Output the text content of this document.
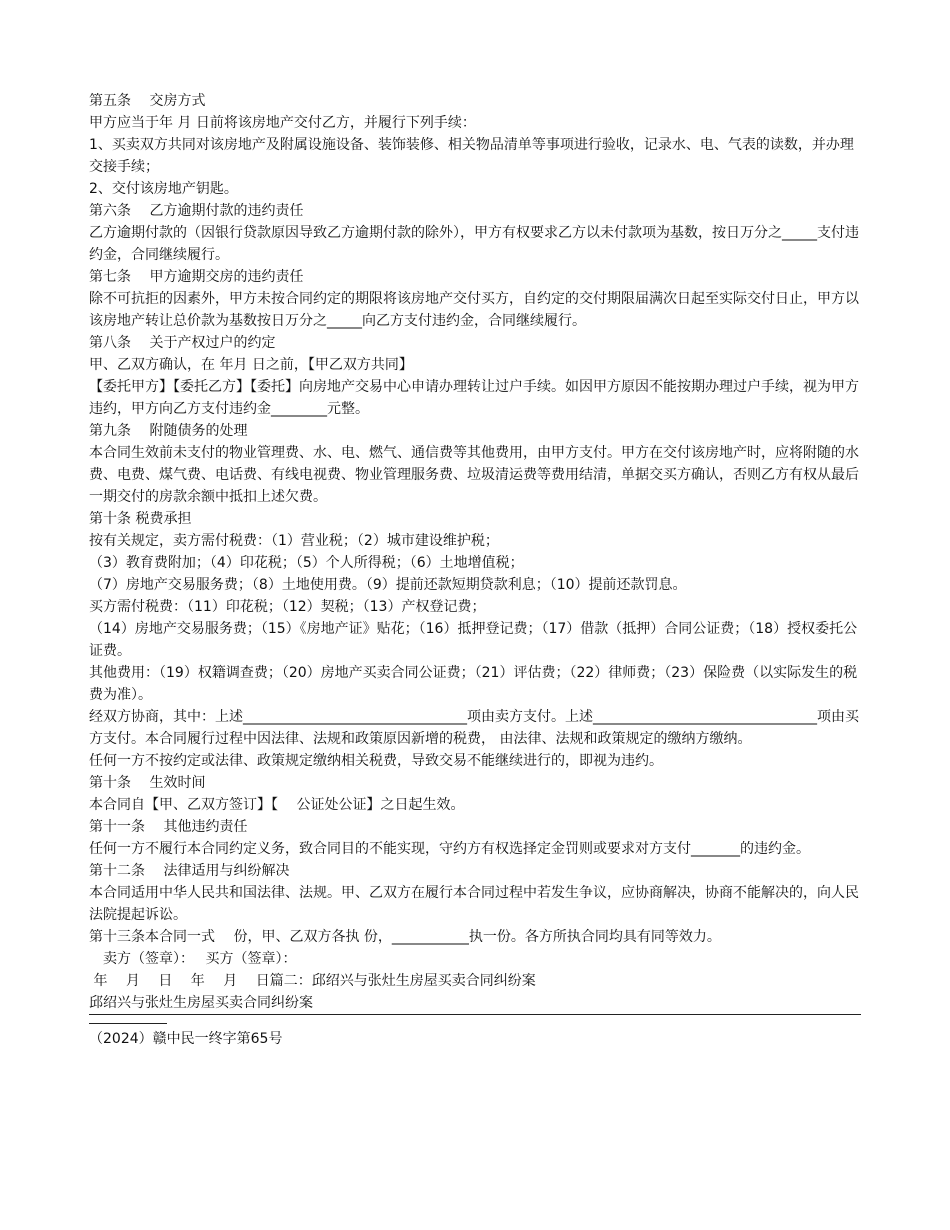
第五条　 交房方式

甲方应当于年 月 日前将该房地产交付乙方，并履行下列手续：

1、买卖双方共同对该房地产及附属设施设备、装饰装修、相关物品清单等事项进行验收，记录水、电、气表的读数，并办理交接手续；

2、交付该房地产钥匙。

第六条　 乙方逾期付款的违约责任

乙方逾期付款的（因银行贷款原因导致乙方逾期付款的除外），甲方有权要求乙方以未付款项为基数，按日万分之_____支付违约金，合同继续履行。

第七条　 甲方逾期交房的违约责任

除不可抗拒的因素外，甲方未按合同约定的期限将该房地产交付买方，自约定的交付期限届满次日起至实际交付日止，甲方以该房地产转让总价款为基数按日万分之_____向乙方支付违约金，合同继续履行。

第八条　 关于产权过户的约定

甲、乙双方确认，在 年月 日之前，【甲乙双方共同】

【委托甲方】【委托乙方】【委托】向房地产交易中心申请办理转让过户手续。如因甲方原因不能按期办理过户手续，视为甲方违约，甲方向乙方支付违约金________元整。

第九条　 附随债务的处理

本合同生效前未支付的物业管理费、水、电、燃气、通信费等其他费用，由甲方支付。甲方在交付该房地产时，应将附随的水费、电费、煤气费、电话费、有线电视费、物业管理服务费、垃圾清运费等费用结清，单据交买方确认，否则乙方有权从最后一期交付的房款余额中抵扣上述欠费。

第十条 税费承担

按有关规定，卖方需付税费：（1）营业税；（2）城市建设维护税；

（3）教育费附加；（4）印花税；（5）个人所得税；（6）土地增值税；

（7）房地产交易服务费；（8）土地使用费。（9）提前还款短期贷款利息；（10）提前还款罚息。

买方需付税费：（11）印花税；（12）契税；（13）产权登记费；

（14）房地产交易服务费；（15）《房地产证》贴花；（16）抵押登记费；（17）借款（抵押）合同公证费；（18）授权委托公证费。

其他费用：（19）权籍调查费；（20）房地产买卖合同公证费；（21）评估费；（22）律师费；（23）保险费（以实际发生的税费为准）。

经双方协商，其中：上述________________________________项由卖方支付。上述________________________________项由买方支付。本合同履行过程中因法律、法规和政策原因新增的税费， 由法律、法规和政策规定的缴纳方缴纳。

任何一方不按约定或法律、政策规定缴纳相关税费，导致交易不能继续进行的，即视为违约。

第十条　 生效时间

本合同自【甲、乙双方签订】【　 公证处公证】之日起生效。

第十一条　 其他违约责任

任何一方不履行本合同约定义务，致合同目的不能实现，守约方有权选择定金罚则或要求对方支付_______的违约金。

第十二条　 法律适用与纠纷解决

本合同适用中华人民共和国法律、法规。甲、乙双方在履行本合同过程中若发生争议，应协商解决，协商不能解决的，向人民法院提起诉讼。

第十三条本合同一式　 份，甲、乙双方各执 份，___________执一份。各方所执合同均具有同等效力。

　卖方（签章）：　 买方（签章）：

年　 月　 日　 年　 月　 日篇二：邱绍兴与张灶生房屋买卖合同纠纷案

邱绍兴与张灶生房屋买卖合同纠纷案

（2024）赣中民一终字第65号
